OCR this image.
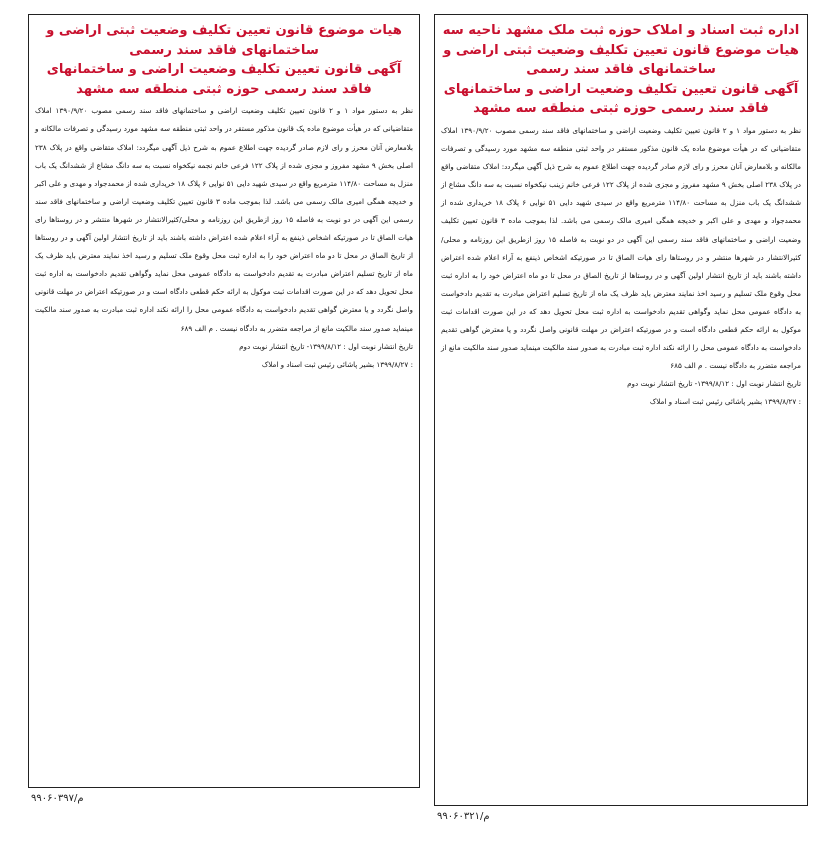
اداره ثبت اسناد و املاک حوزه ثبت ملک مشهد ناحیه سه
هیات موضوع قانون تعیین تکلیف وضعیت ثبتی اراضی و
ساختمانهای فاقد سند رسمی
آگهی قانون تعیین تکلیف وضعیت اراضی و ساختمانهای
فاقد سند رسمی حوزه ثبتی منطقه سه مشهد
نظر به دستور مواد ۱ و ۲ قانون تعیین تکلیف وضعیت اراضی و ساختمانهای فاقد سند رسمی مصوب ۱۳۹۰/۹/۲۰ املاک متقاضیانی که در هیأت موضوع ماده یک قانون مذکور مستقر در واحد ثبتی منطقه سه مشهد مورد رسیدگی و تصرفات مالکانه و بلامعارض آنان محرز و رای لازم صادر گردیده جهت اطلاع عموم به شرح ذیل آگهی میگردد: املاک متقاضی واقع در پلاک ۲۳۸ اصلی بخش ۹ مشهد مفروز و مجزی شده از پلاک ۱۲۲ فرعی خانم زینب نیکخواه نسبت به سه دانگ مشاع از ششدانگ یک باب منزل به مساحت ۱۱۴/۸۰ مترمربع واقع در سیدی شهید دایی ۵۱ نوایی ۶ پلاک ۱۸ خریداری شده از محمدجواد و مهدی و علی اکبر و خدیجه همگی امیری مالک رسمی می باشد. لذا بموجب ماده ۳ قانون تعیین تکلیف وضعیت اراضی و ساختمانهای فاقد سند رسمی این آگهی در دو نوبت به فاصله ۱۵ روز ازطریق این روزنامه و محلی/کثیرالانتشار در شهرها منتشر و در روستاها رای هیات الصاق تا در صورتیکه اشخاص ذینفع به آراء اعلام شده اعتراض داشته باشند باید از تاریخ انتشار اولین آگهی و در روستاها از تاریخ الصاق در محل تا دو ماه اعتراض خود را به اداره ثبت محل وقوع ملک تسلیم و رسید اخذ نمایند معترض باید ظرف یک ماه از تاریخ تسلیم اعتراض مبادرت به تقدیم دادخواست به دادگاه عمومی محل نماید وگواهی تقدیم دادخواست به اداره ثبت محل تحویل دهد که در این صورت اقدامات ثبت موکول به ارائه حکم قطعی دادگاه است و در صورتیکه اعتراض در مهلت قانونی واصل نگردد و یا معترض گواهی تقدیم دادخواست به دادگاه عمومی محل را ارائه نکند اداره ثبت مبادرت به صدور سند مالکیت مینماید صدور سند مالکیت مانع از مراجعه متضرر به دادگاه نیست . م الف ۶۸۵
تاریخ انتشار نوبت اول : ۱۳۹۹/۸/۱۲- تاریخ انتشار نوبت دوم
: ۱۳۹۹/۸/۲۷ بشیر پاشائی رئیس ثبت اسناد و املاک
م/۹۹۰۶۰۳۲۱
هیات موضوع قانون تعیین تکلیف وضعیت ثبتی اراضی و
ساختمانهای فاقد سند رسمی
آگهی قانون تعیین تکلیف وضعیت اراضی و ساختمانهای
فاقد سند رسمی حوزه ثبتی منطقه سه مشهد
نظر به دستور مواد ۱ و ۲ قانون تعیین تکلیف وضعیت اراضی و ساختمانهای فاقد سند رسمی مصوب ۱۳۹۰/۹/۲۰ املاک متقاضیانی که در هیأت موضوع ماده یک قانون مذکور مستقر در واحد ثبتی منطقه سه مشهد مورد رسیدگی و تصرفات مالکانه و بلامعارض آنان محرز و رای لازم صادر گردیده جهت اطلاع عموم به شرح ذیل آگهی میگردد: املاک متقاضی واقع در پلاک ۲۳۸ اصلی بخش ۹ مشهد مفروز و مجزی شده از پلاک ۱۲۲ فرعی خانم نجمه نیکخواه نسبت به سه دانگ مشاع از ششدانگ یک باب منزل به مساحت ۱۱۴/۸۰ مترمربع واقع در سیدی شهید دایی ۵۱ نوایی ۶ پلاک ۱۸ خریداری شده از محمدجواد و مهدی و علی اکبر و خدیجه همگی امیری مالک رسمی می باشد. لذا بموجب ماده ۳ قانون تعیین تکلیف وضعیت اراضی و ساختمانهای فاقد سند رسمی این آگهی در دو نوبت به فاصله ۱۵ روز ازطریق این روزنامه و محلی/کثیرالانتشار در شهرها منتشر و در روستاها رای هیات الصاق تا در صورتیکه اشخاص ذینفع به آراء اعلام شده اعتراض داشته باشند باید از تاریخ انتشار اولین آگهی و در روستاها از تاریخ الصاق در محل تا دو ماه اعتراض خود را به اداره ثبت محل وقوع ملک تسلیم و رسید اخذ نمایند معترض باید ظرف یک ماه از تاریخ تسلیم اعتراض مبادرت به تقدیم دادخواست به دادگاه عمومی محل نماید وگواهی تقدیم دادخواست به اداره ثبت محل تحویل دهد که در این صورت اقدامات ثبت موکول به ارائه حکم قطعی دادگاه است و در صورتیکه اعتراض در مهلت قانونی واصل نگردد و یا معترض گواهی تقدیم دادخواست به دادگاه عمومی محل را ارائه نکند اداره ثبت مبادرت به صدور سند مالکیت مینماید صدور سند مالکیت مانع از مراجعه متضرر به دادگاه نیست . م الف ۶۸۹
تاریخ انتشار نوبت اول : ۱۳۹۹/۸/۱۲- تاریخ انتشار نوبت دوم
: ۱۳۹۹/۸/۲۷ بشیر پاشائی رئیس ثبت اسناد و املاک
م/۹۹۰۶۰۳۹۷
